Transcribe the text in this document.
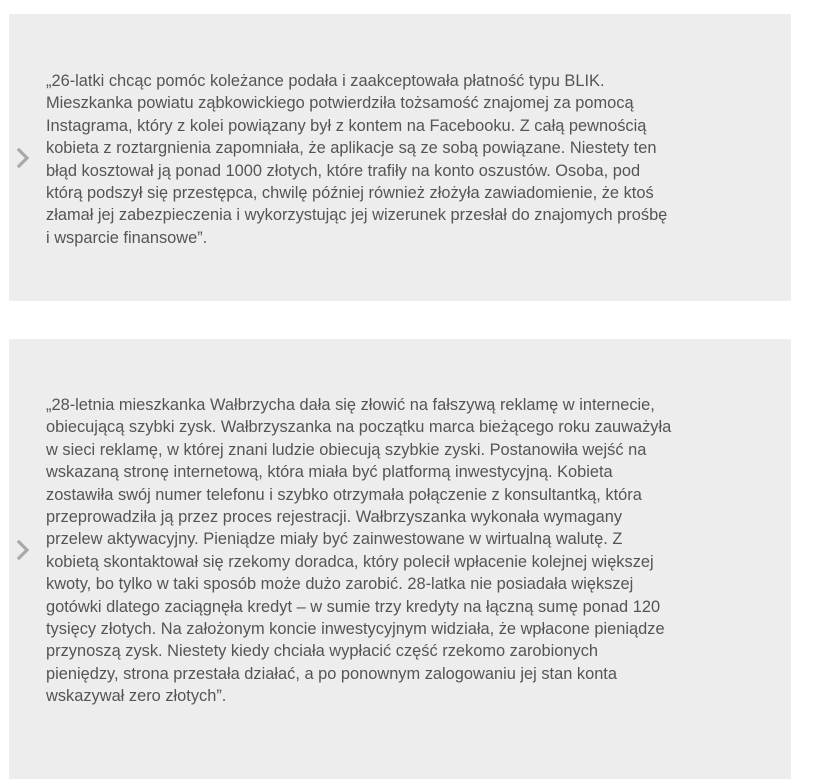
„26-latki chcąc pomóc koleżance podała i zaakceptowała płatność typu BLIK.
Mieszkanka powiatu ząbkowickiego potwierdziła tożsamość znajomej za pomocą
Instagrama, który z kolei powiązany był z kontem na Facebooku. Z całą pewnością
kobieta z roztargnienia zapomniała, że aplikacje są ze sobą powiązane. Niestety ten
błąd kosztował ją ponad 1000 złotych, które trafiły na konto oszustów. Osoba, pod
którą podszył się przestępca, chwilę później również złożyła zawiadomienie, że ktoś
złamał jej zabezpieczenia i wykorzystując jej wizerunek przesłał do znajomych prośbę
i wsparcie finansowe”.

„28-letnia mieszkanka Wałbrzycha dała się złowić na fałszywą reklamę w internecie,
obiecującą szybki zysk. Wałbrzyszanka na początku marca bieżącego roku zauważyła
w sieci reklamę, w której znani ludzie obiecują szybkie zyski. Postanowiła wejść na
wskazaną stronę internetową, która miała być platformą inwestycyjną. Kobieta
zostawiła swój numer telefonu i szybko otrzymała połączenie z konsultantką, która
przeprowadziła ją przez proces rejestracji. Wałbrzyszanka wykonała wymagany
przelew aktywacyjny. Pieniądze miały być zainwestowane w wirtualną walutę. Z
kobietą skontaktował się rzekomy doradca, który polecił wpłacenie kolejnej większej
kwoty, bo tylko w taki sposób może dużo zarobić. 28-latka nie posiadała większej
gotówki dlatego zaciągnęła kredyt – w sumie trzy kredyty na łączną sumę ponad 120
tysięcy złotych. Na założonym koncie inwestycyjnym widziała, że wpłacone pieniądze
przynoszą zysk. Niestety kiedy chciała wypłacić część rzekomo zarobionych
pieniędzy, strona przestała działać, a po ponownym zalogowaniu jej stan konta
wskazywał zero złotych”.
